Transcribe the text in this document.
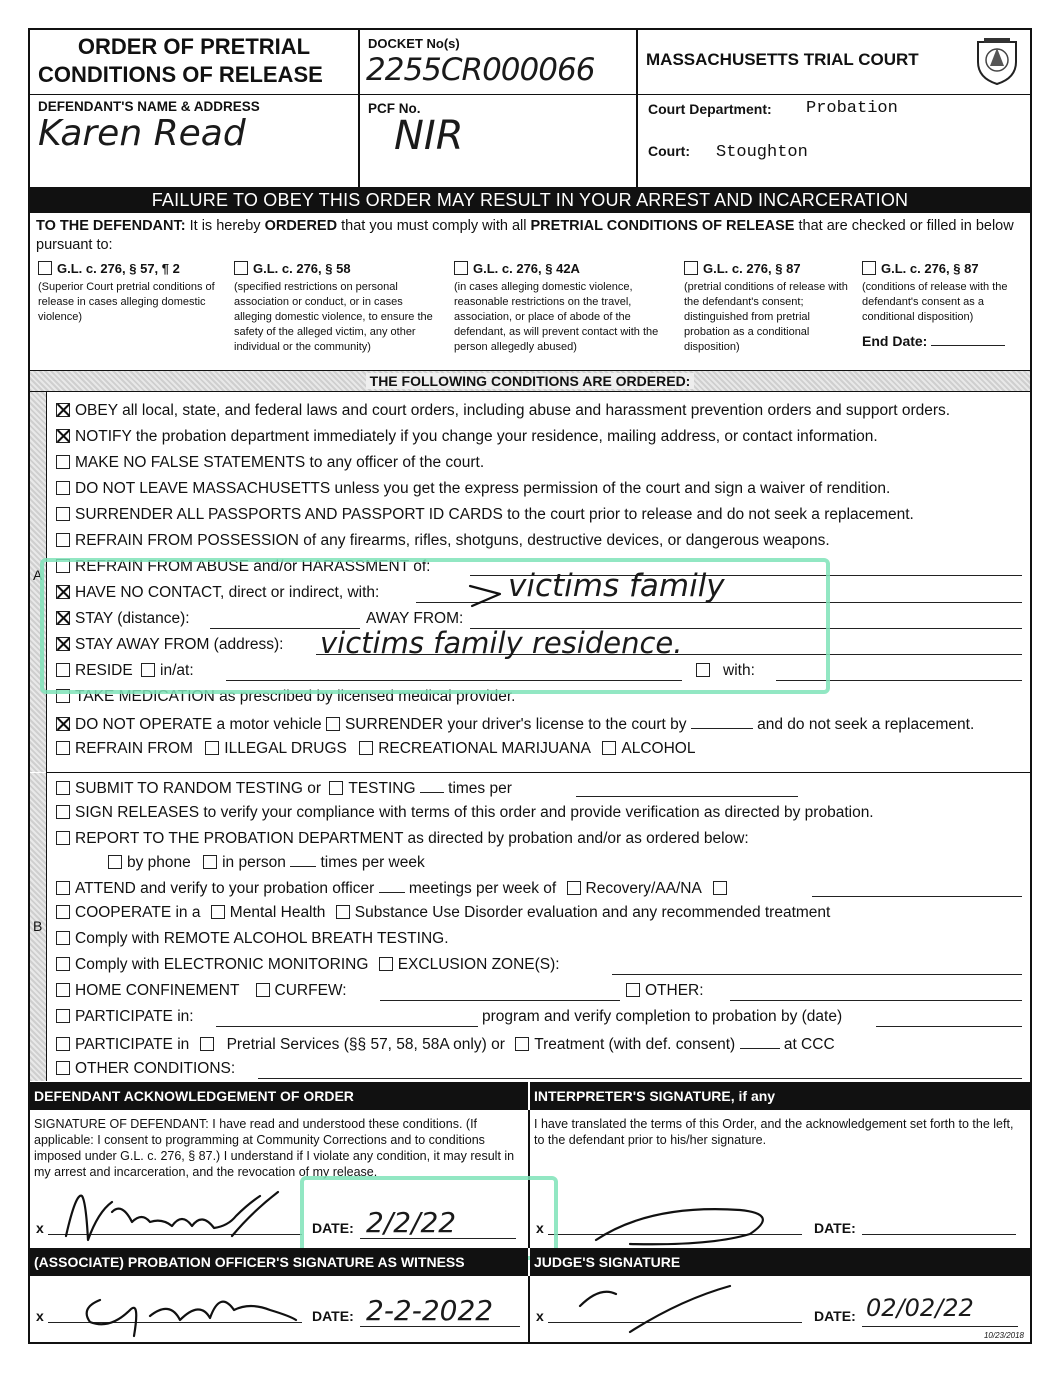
ORDER OF PRETRIAL
CONDITIONS OF RELEASE
DOCKET No(s)
2255CR000066	MASSACHUSETTS TRIAL COURT
DEFENDANT'S NAME & ADDRESS
Karen Read
PCF No.
NIR
Court Department: Probation
Court: Stoughton
FAILURE TO OBEY THIS ORDER MAY RESULT IN YOUR ARREST AND INCARCERATION
TO THE DEFENDANT: It is hereby ORDERED that you must comply with all PRETRIAL CONDITIONS OF RELEASE that are checked or filled in below pursuant to:
G.L. c. 276, § 57, ¶ 2
(Superior Court pretrial conditions of release in cases alleging domestic violence)
G.L. c. 276, § 58
(specified restrictions on personal association or conduct, or in cases alleging domestic violence, to ensure the safety of the alleged victim, any other individual or the community)
G.L. c. 276, § 42A
(in cases alleging domestic violence, reasonable restrictions on the travel, association, or place of abode of the defendant, as will prevent contact with the person allegedly abused)
G.L. c. 276, § 87
(pretrial conditions of release with the defendant's consent; distinguished from pretrial probation as a conditional disposition)
G.L. c. 276, § 87
(conditions of release with the defendant's consent as a conditional disposition)
End Date:
THE FOLLOWING CONDITIONS ARE ORDERED:
A
OBEY all local, state, and federal laws and court orders, including abuse and harassment prevention orders and support orders.
NOTIFY the probation department immediately if you change your residence, mailing address, or contact information.
MAKE NO FALSE STATEMENTS to any officer of the court.
DO NOT LEAVE MASSACHUSETTS unless you get the express permission of the court and sign a waiver of rendition.
SURRENDER ALL PASSPORTS AND PASSPORT ID CARDS to the court prior to release and do not seek a replacement.
REFRAIN FROM POSSESSION of any firearms, rifles, shotguns, destructive devices, or dangerous weapons.
REFRAIN FROM ABUSE and/or HARASSMENT of:
HAVE NO CONTACT, direct or indirect, with:	victims family
STAY (distance):	AWAY FROM:
STAY AWAY FROM (address): victims family residence.
RESIDE in/at:	with:
TAKE MEDICATION as prescribed by licensed medical provider.
DO NOT OPERATE a motor vehicle SURRENDER your driver's license to the court by	and do not seek a replacement.
REFRAIN FROM ILLEGAL DRUGS RECREATIONAL MARIJUANA ALCOHOL
B
SUBMIT TO RANDOM TESTING or TESTING times per
SIGN RELEASES to verify your compliance with terms of this order and provide verification as directed by probation.
REPORT TO THE PROBATION DEPARTMENT as directed by probation and/or as ordered below:
by phone in person times per week
ATTEND and verify to your probation officer meetings per week of Recovery/AA/NA
COOPERATE in a Mental Health Substance Use Disorder evaluation and any recommended treatment
Comply with REMOTE ALCOHOL BREATH TESTING.
Comply with ELECTRONIC MONITORING EXCLUSION ZONE(S):
HOME CONFINEMENT CURFEW:	OTHER:
PARTICIPATE in:	program and verify completion to probation by (date)
PARTICIPATE in Pretrial Services (§§ 57, 58, 58A only) or Treatment (with def. consent)	at CCC
OTHER CONDITIONS:
DEFENDANT ACKNOWLEDGEMENT OF ORDER	INTERPRETER'S SIGNATURE, if any
SIGNATURE OF DEFENDANT: I have read and understood these conditions. (If applicable: I consent to programming at Community Corrections and to conditions imposed under G.L. c. 276, § 87.) I understand if I violate any condition, it may result in my arrest and incarceration, and the revocation of my release.
x	DATE: 2/2/22
I have translated the terms of this Order, and the acknowledgement set forth to the left, to the defendant prior to his/her signature.
x	DATE:
(ASSOCIATE) PROBATION OFFICER'S SIGNATURE AS WITNESS	JUDGE'S SIGNATURE
x	DATE: 2-2-2022	x	DATE: 02/02/22
10/23/2018
